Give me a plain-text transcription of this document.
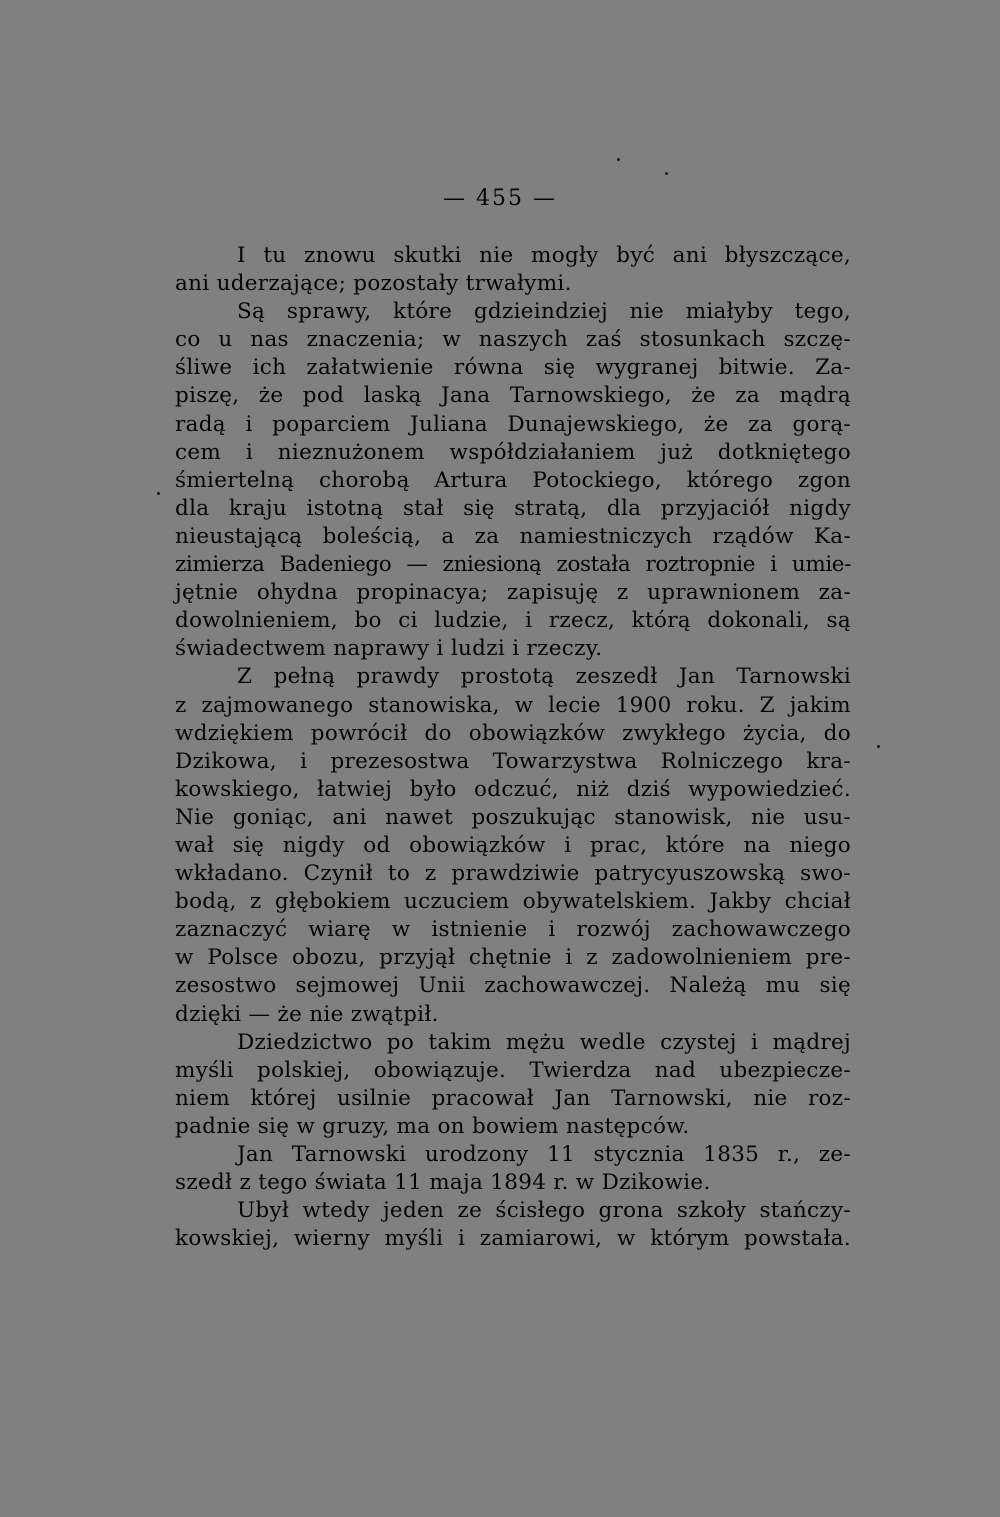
— 455 —
I tu znowu skutki nie mogły być ani błyszczące,
ani uderzające; pozostały trwałymi.
Są sprawy, które gdzieindziej nie miałyby tego,
co u nas znaczenia; w naszych zaś stosunkach szczę-
śliwe ich załatwienie równa się wygranej bitwie. Za-
piszę, że pod laską Jana Tarnowskiego, że za mądrą
radą i poparciem Juliana Dunajewskiego, że za gorą-
cem i nieznużonem współdziałaniem już dotkniętego
śmiertelną chorobą Artura Potockiego, którego zgon
dla kraju istotną stał się stratą, dla przyjaciół nigdy
nieustającą boleścią, a za namiestniczych rządów Ka-
zimierza Badeniego — zniesioną została roztropnie i umie-
jętnie ohydna propinacya; zapisuję z uprawnionem za-
dowolnieniem, bo ci ludzie, i rzecz, którą dokonali, są
świadectwem naprawy i ludzi i rzeczy.
Z pełną prawdy prostotą zeszedł Jan Tarnowski
z zajmowanego stanowiska, w lecie 1900 roku. Z jakim
wdziękiem powrócił do obowiązków zwykłego życia, do
Dzikowa, i prezesostwa Towarzystwa Rolniczego kra-
kowskiego, łatwiej było odczuć, niż dziś wypowiedzieć.
Nie goniąc, ani nawet poszukując stanowisk, nie usu-
wał się nigdy od obowiązków i prac, które na niego
wkładano. Czynił to z prawdziwie patrycyuszowską swo-
bodą, z głębokiem uczuciem obywatelskiem. Jakby chciał
zaznaczyć wiarę w istnienie i rozwój zachowawczego
w Polsce obozu, przyjął chętnie i z zadowolnieniem pre-
zesostwo sejmowej Unii zachowawczej. Należą mu się
dzięki — że nie zwątpił.
Dziedzictwo po takim mężu wedle czystej i mądrej
myśli polskiej, obowiązuje. Twierdza nad ubezpiecze-
niem której usilnie pracował Jan Tarnowski, nie roz-
padnie się w gruzy, ma on bowiem następców.
Jan Tarnowski urodzony 11 stycznia 1835 r., ze-
szedł z tego świata 11 maja 1894 r. w Dzikowie.
Ubył wtedy jeden ze ścisłego grona szkoły stańczy-
kowskiej, wierny myśli i zamiarowi, w którym powstała.
